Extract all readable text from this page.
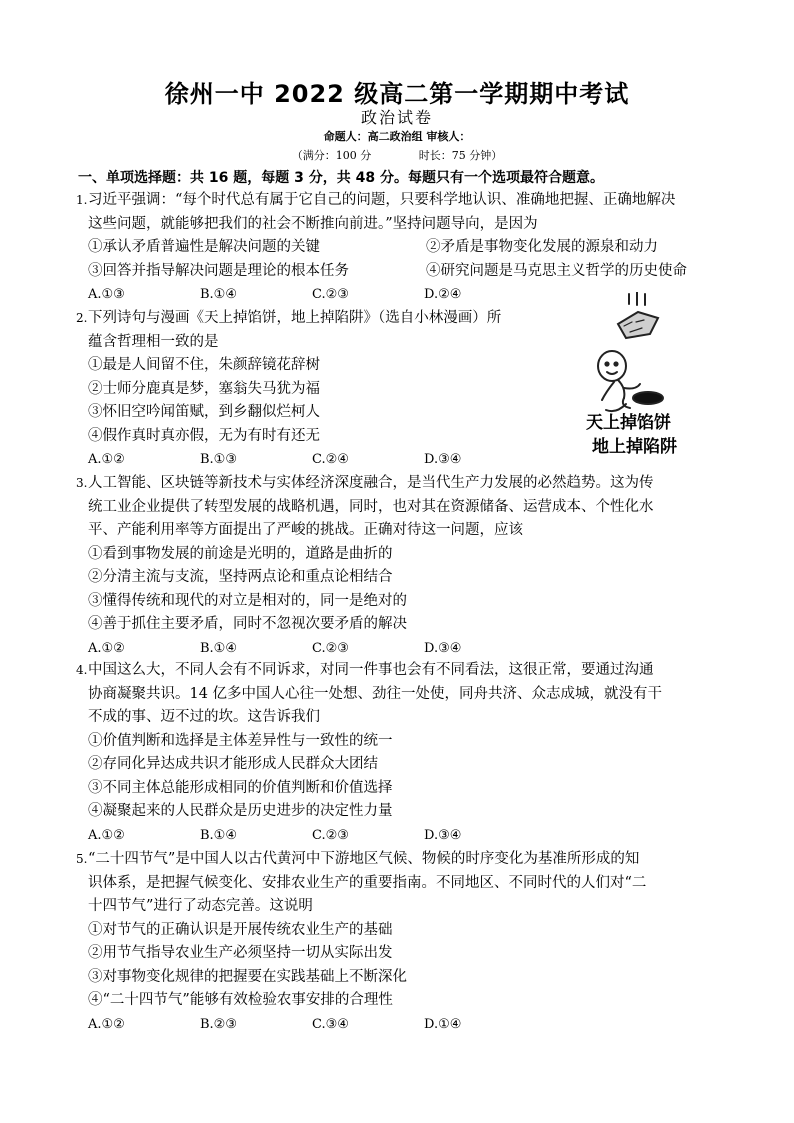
徐州一中 2022 级高二第一学期期中考试
政治试卷
命题人：高二政治组 审核人：
（满分：100 分	时长：75 分钟）
一、单项选择题：共 16 题，每题 3 分，共 48 分。每题只有一个选项最符合题意。
1.习近平强调：“每个时代总有属于它自己的问题，只要科学地认识、准确地把握、正确地解决
这些问题，就能够把我们的社会不断推向前进。”坚持问题导向，是因为
①承认矛盾普遍性是解决问题的关键	②矛盾是事物变化发展的源泉和动力
③回答并指导解决问题是理论的根本任务	④研究问题是马克思主义哲学的历史使命
A.①③	B.①④	C.②③	D.②④
2.下列诗句与漫画《天上掉馅饼，地上掉陷阱》（选自小林漫画）所
蕴含哲理相一致的是
①最是人间留不住，朱颜辞镜花辞树
②士师分鹿真是梦，塞翁失马犹为福
③怀旧空吟闻笛赋，到乡翻似烂柯人
④假作真时真亦假，无为有时有还无
A.①②	B.①③	C.②④	D.③④
天上掉馅饼
地上掉陷阱
3.人工智能、区块链等新技术与实体经济深度融合，是当代生产力发展的必然趋势。这为传
统工业企业提供了转型发展的战略机遇，同时，也对其在资源储备、运营成本、个性化水
平、产能利用率等方面提出了严峻的挑战。正确对待这一问题，应该
①看到事物发展的前途是光明的，道路是曲折的
②分清主流与支流，坚持两点论和重点论相结合
③懂得传统和现代的对立是相对的，同一是绝对的
④善于抓住主要矛盾，同时不忽视次要矛盾的解决
A.①②	B.①④	C.②③	D.③④
4.中国这么大，不同人会有不同诉求，对同一件事也会有不同看法，这很正常，要通过沟通
协商凝聚共识。14 亿多中国人心往一处想、劲往一处使，同舟共济、众志成城，就没有干
不成的事、迈不过的坎。这告诉我们
①价值判断和选择是主体差异性与一致性的统一
②存同化异达成共识才能形成人民群众大团结
③不同主体总能形成相同的价值判断和价值选择
④凝聚起来的人民群众是历史进步的决定性力量
A.①②	B.①④	C.②③	D.③④
5.“二十四节气”是中国人以古代黄河中下游地区气候、物候的时序变化为基准所形成的知
识体系，是把握气候变化、安排农业生产的重要指南。不同地区、不同时代的人们对“二
十四节气”进行了动态完善。这说明
①对节气的正确认识是开展传统农业生产的基础
②用节气指导农业生产必须坚持一切从实际出发
③对事物变化规律的把握要在实践基础上不断深化
④“二十四节气”能够有效检验农事安排的合理性
A.①②	B.②③	C.③④	D.①④
